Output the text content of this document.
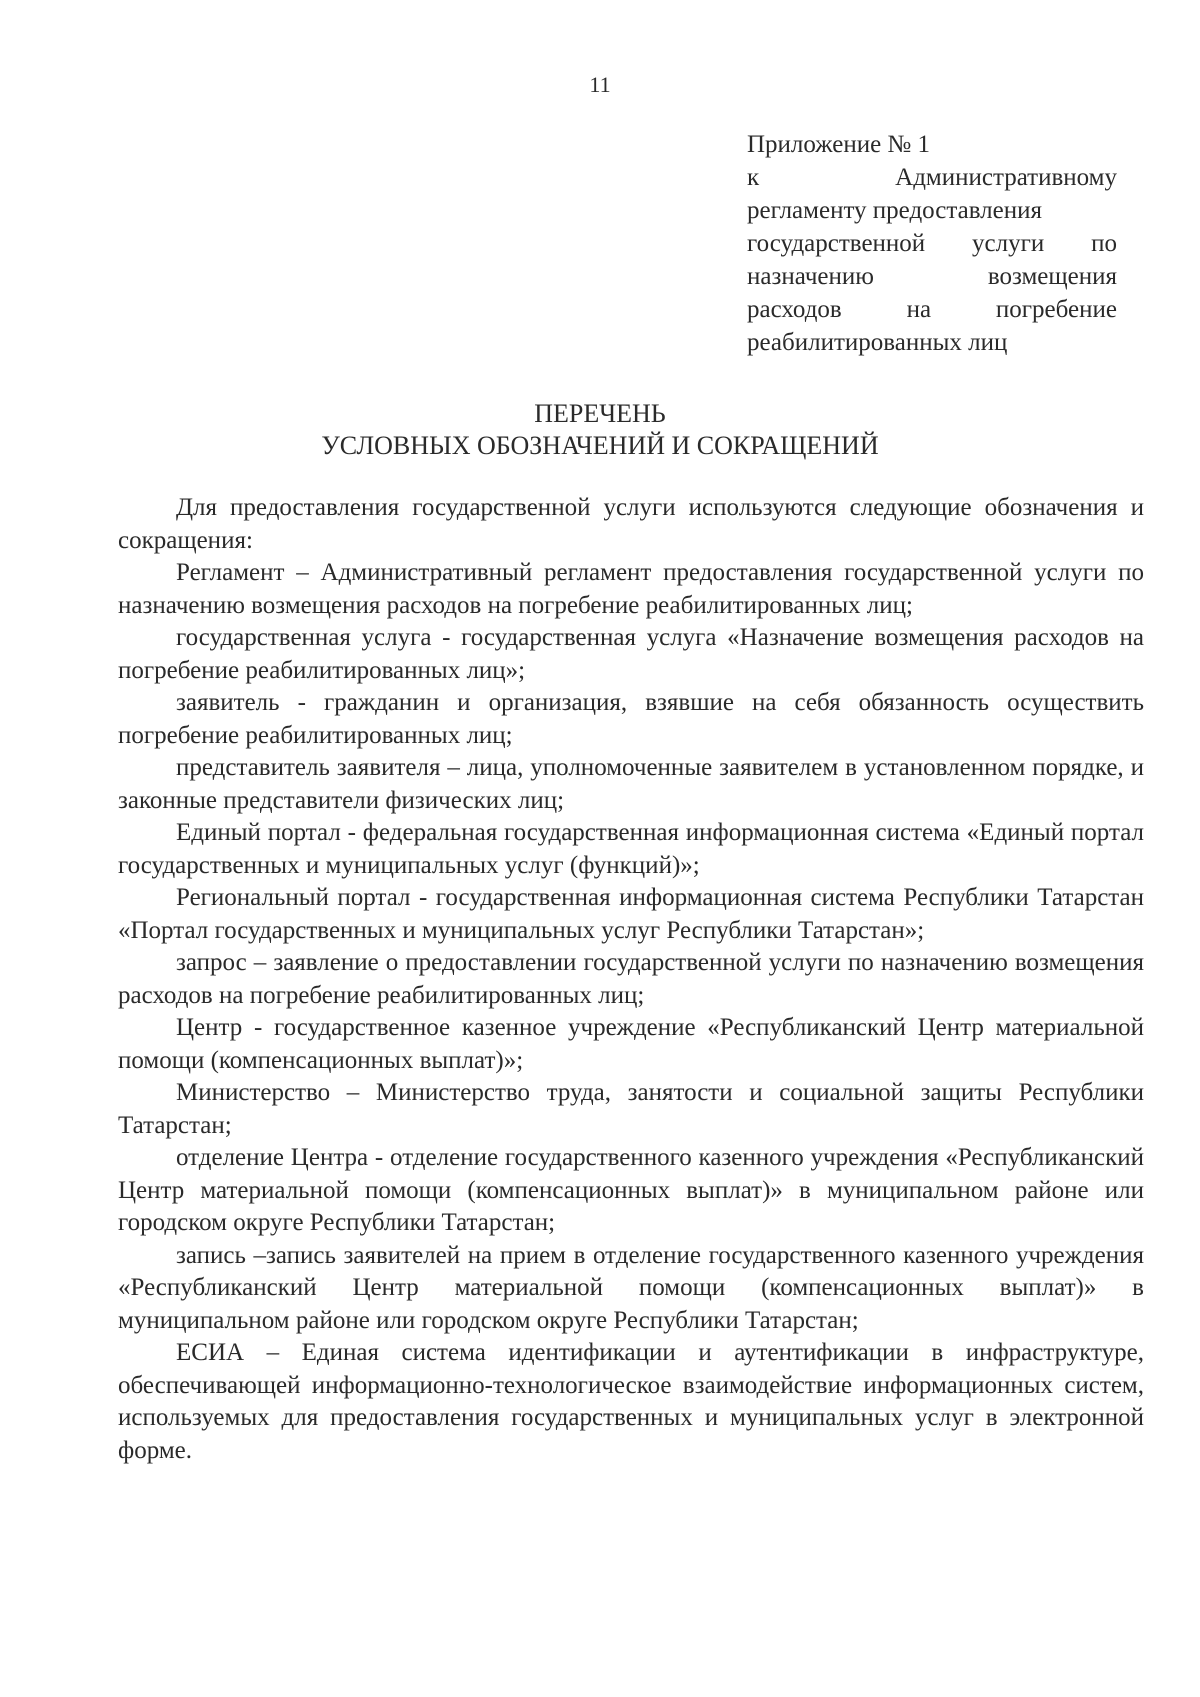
11
Приложение № 1
к Административному
регламенту предоставления
государственной услуги по
назначению возмещения
расходов на погребение
реабилитированных лиц
ПЕРЕЧЕНЬ
УСЛОВНЫХ ОБОЗНАЧЕНИЙ И СОКРАЩЕНИЙ

Для предоставления государственной услуги используются следующие обозначения и сокращения:

Регламент – Административный регламент предоставления государственной услуги по назначению возмещения расходов на погребение реабилитированных лиц;

государственная услуга - государственная услуга «Назначение возмещения расходов на погребение реабилитированных лиц»;

заявитель - гражданин и организация, взявшие на себя обязанность осуществить погребение реабилитированных лиц;

представитель заявителя – лица, уполномоченные заявителем в установленном порядке, и законные представители физических лиц;

Единый портал - федеральная государственная информационная система «Единый портал государственных и муниципальных услуг (функций)»;

Региональный портал - государственная информационная система Республики Татарстан «Портал государственных и муниципальных услуг Республики Татарстан»;

запрос – заявление о предоставлении государственной услуги по назначению возмещения расходов на погребение реабилитированных лиц;

Центр - государственное казенное учреждение «Республиканский Центр материальной помощи (компенсационных выплат)»;

Министерство – Министерство труда, занятости и социальной защиты Республики Татарстан;

отделение Центра - отделение государственного казенного учреждения «Республиканский Центр материальной помощи (компенсационных выплат)» в муниципальном районе или городском округе Республики Татарстан;

запись –запись заявителей на прием в отделение государственного казенного учреждения «Республиканский Центр материальной помощи (компенсационных выплат)» в муниципальном районе или городском округе Республики Татарстан;

ЕСИА – Единая система идентификации и аутентификации в инфраструктуре, обеспечивающей информационно-технологическое взаимодействие информационных систем, используемых для предоставления государственных и муниципальных услуг в электронной форме.
